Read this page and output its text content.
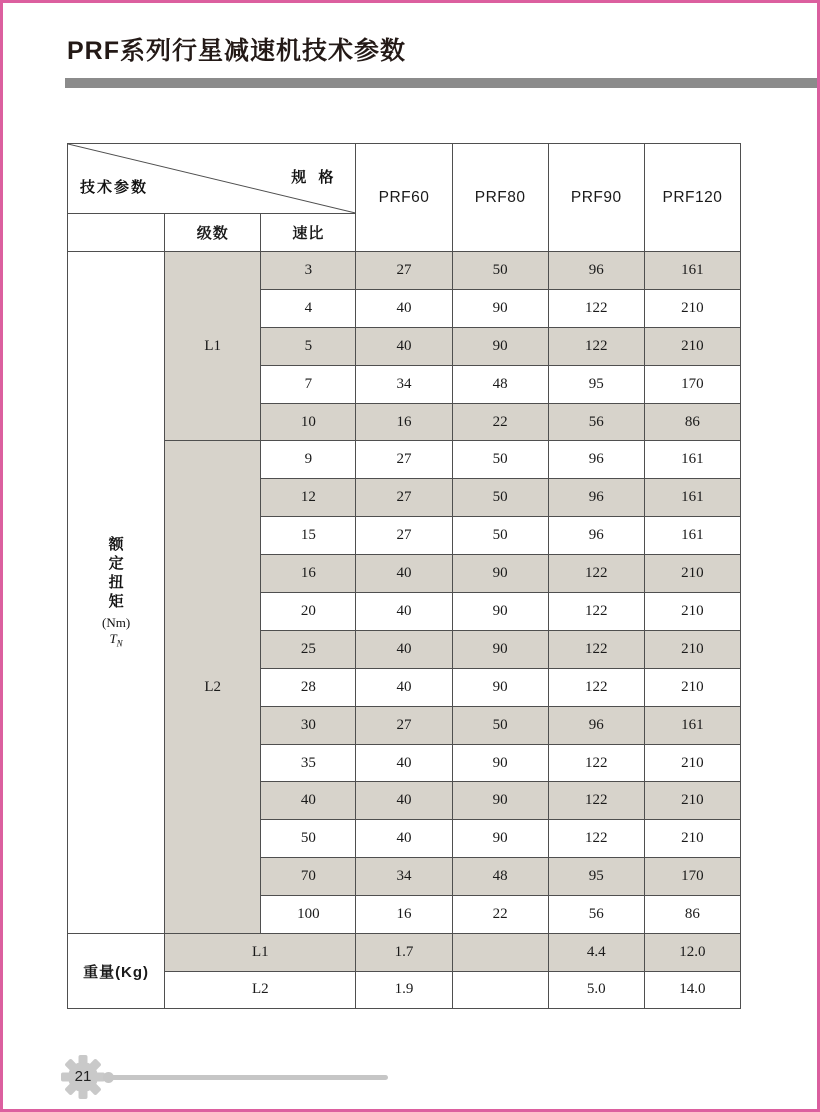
PRF系列行星减速机技术参数
规 格
技术参数			PRF60	PRF80	PRF90	PRF120
	级数	速比				

额
定
扭
矩
(Nm)
$T_N$
	L1	3	27	50	96	161
		4	40	90	122	210
		5	40	90	122	210
		7	34	48	95	170
		10	16	22	56	86
	L2	9	27	50	96	161
		12	27	50	96	161
		15	27	50	96	161
		16	40	90	122	210
		20	40	90	122	210
		25	40	90	122	210
		28	40	90	122	210
		30	27	50	96	161
		35	40	90	122	210
		40	40	90	122	210
		50	40	90	122	210
		70	34	48	95	170
		100	16	22	56	86
重量(Kg)	L1		1.7		4.4	12.0
	L2		1.9		5.0	14.0
21
